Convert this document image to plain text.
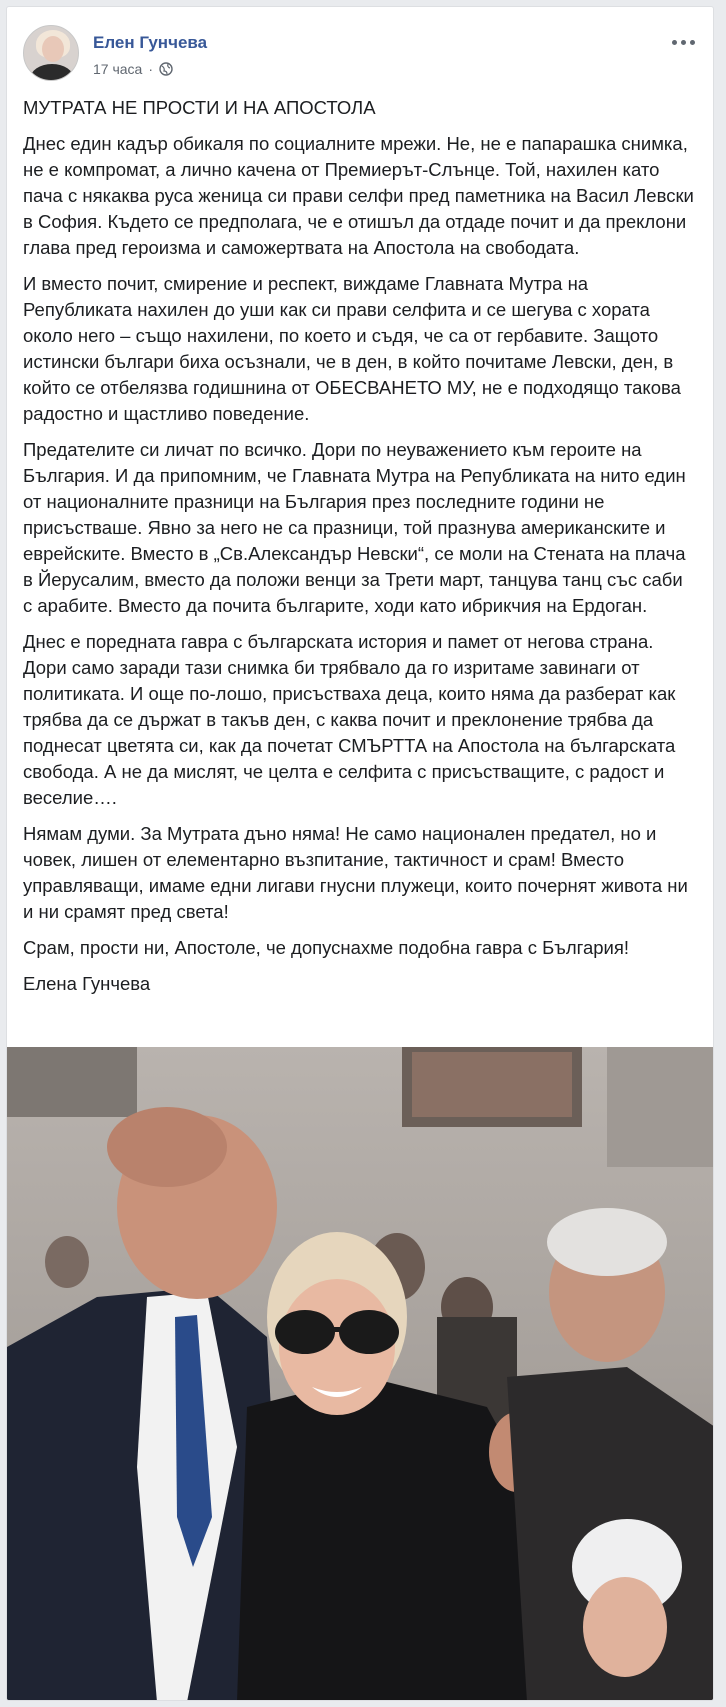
Елен Гунчева
17 часа ·
МУТРАТА НЕ ПРОСТИ И НА АПОСТОЛА

Днес един кадър обикаля по социалните мрежи. Не, не е папарашка снимка, не е компромат, а лично качена от Премиерът-Слънце. Той, нахилен като пача с някаква руса женица си прави селфи пред паметника на Васил Левски в София. Където се предполага, че е отишъл да отдаде почит и да преклони глава пред героизма и саможертвата на Апостола на свободата.

И вместо почит, смирение и респект, виждаме Главната Мутра на Републиката нахилен до уши как си прави селфита и се шегува с хората около него – също нахилени, по което и съдя, че са от гербавите. Защото истински българи биха осъзнали, че в ден, в който почитаме Левски, ден, в който се отбелязва годишнина от ОБЕСВАНЕТО МУ, не е подходящо такова радостно и щастливо поведение.

Предателите си личат по всичко. Дори по неуважението към героите на България. И да припомним, че Главната Мутра на Републиката на нито един от националните празници на България през последните години не присъстваше. Явно за него не са празници, той празнува американските и еврейските. Вместо в „Св.Александър Невски“, се моли на Стената на плача в Йерусалим, вместо да положи венци за Трети март, танцува танц със саби с арабите. Вместо да почита българите, ходи като ибрикчия на Ердоган.

Днес е поредната гавра с българската история и памет от негова страна. Дори само заради тази снимка би трябвало да го изритаме завинаги от политиката. И още по-лошо, присъстваха деца, които няма да разберат как трябва да се държат в такъв ден, с каква почит и преклонение трябва да поднесат цветята си, как да почетат СМЪРТТА на Апостола на българската свобода. А не да мислят, че целта е селфита с присъстващите, с радост и веселие….

Нямам думи. За Мутрата дъно няма! Не само национален предател, но и човек, лишен от елементарно възпитание, тактичност и срам! Вместо управляващи, имаме едни лигави гнусни плужеци, които почернят живота ни и ни срамят пред света!

Срам, прости ни, Апостоле, че допуснахме подобна гавра с България!

Елена Гунчева
